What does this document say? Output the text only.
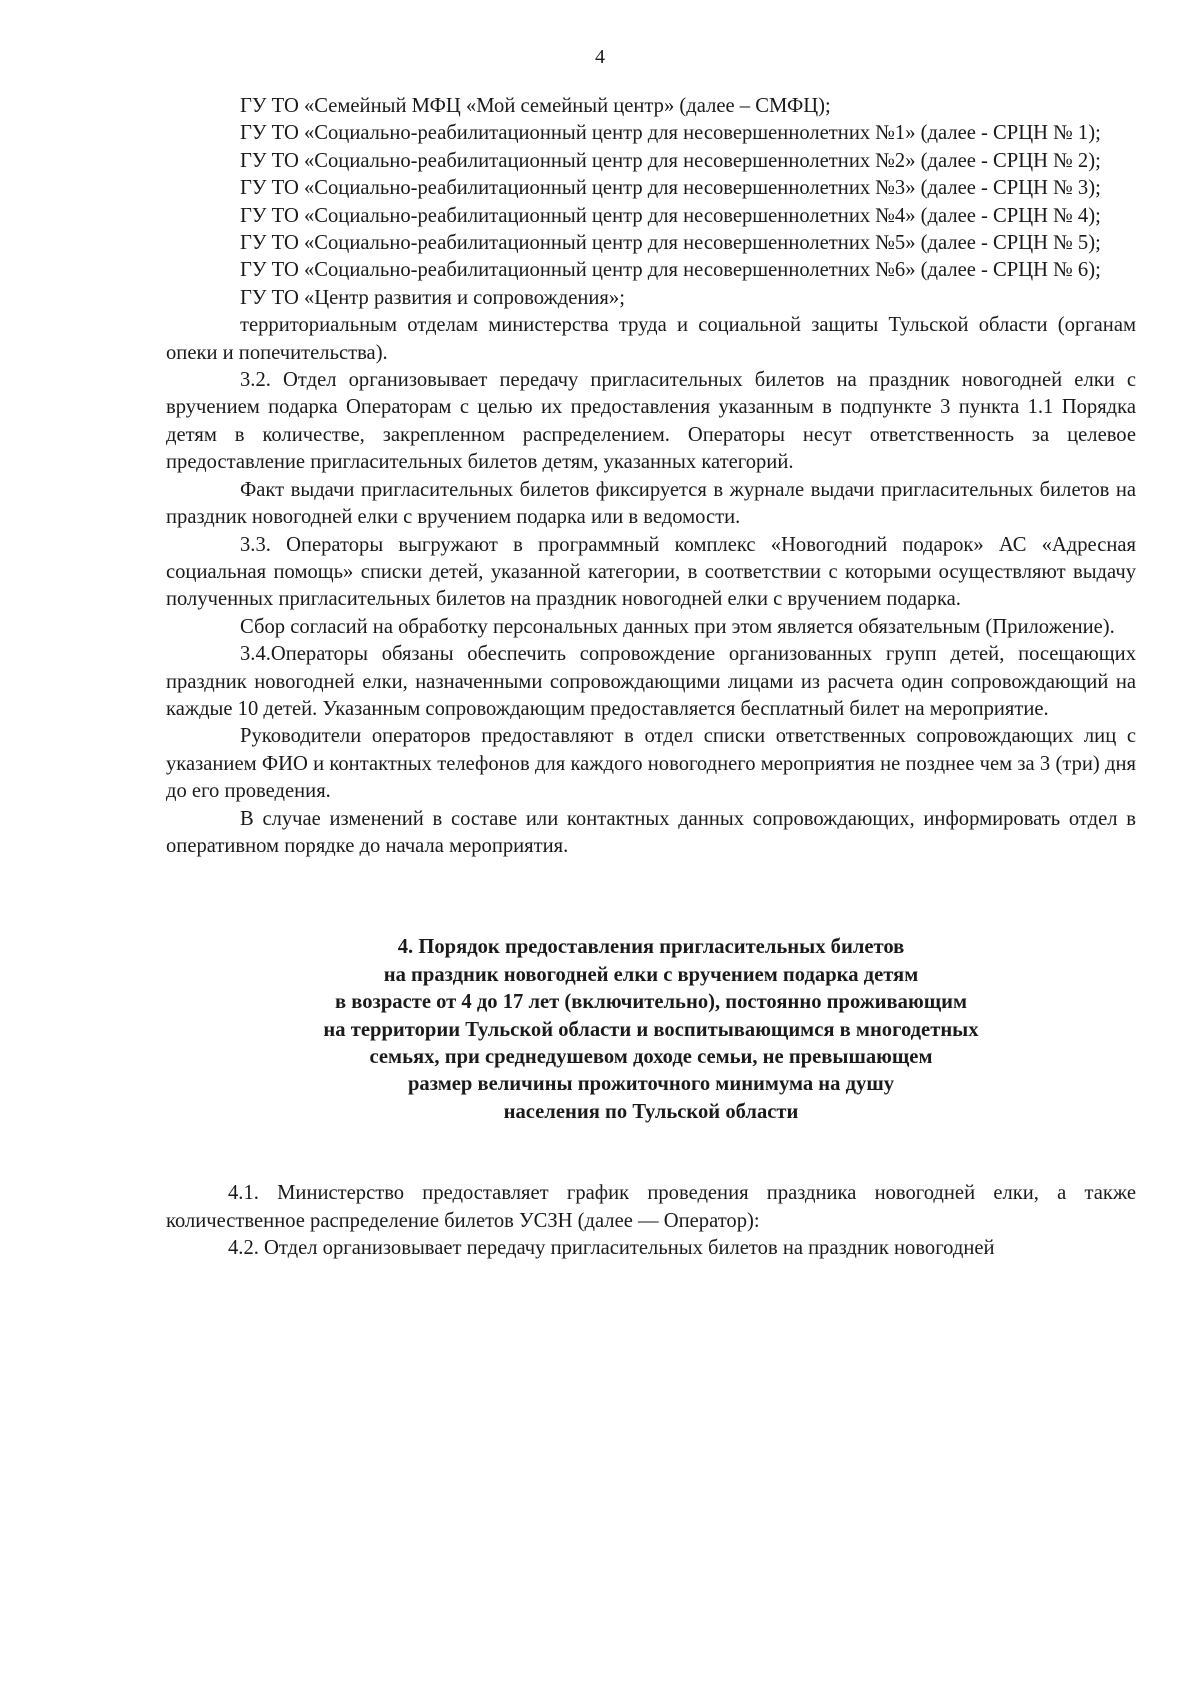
4

ГУ ТО «Семейный МФЦ «Мой семейный центр» (далее – СМФЦ);

ГУ ТО «Социально-реабилитационный центр для несовершеннолетних №1» (далее - СРЦН № 1);

ГУ ТО «Социально-реабилитационный центр для несовершеннолетних №2» (далее - СРЦН № 2);

ГУ ТО «Социально-реабилитационный центр для несовершеннолетних №3» (далее - СРЦН № 3);

ГУ ТО «Социально-реабилитационный центр для несовершеннолетних №4» (далее - СРЦН № 4);

ГУ ТО «Социально-реабилитационный центр для несовершеннолетних №5» (далее - СРЦН № 5);

ГУ ТО «Социально-реабилитационный центр для несовершеннолетних №6» (далее - СРЦН № 6);

ГУ ТО «Центр развития и сопровождения»;

территориальным отделам министерства труда и социальной защиты Тульской области (органам опеки и попечительства).

3.2. Отдел организовывает передачу пригласительных билетов на праздник новогодней елки с вручением подарка Операторам с целью их предоставления указанным в подпункте 3 пункта 1.1 Порядка детям в количестве, закрепленном распределением. Операторы несут ответственность за целевое предоставление пригласительных билетов детям, указанных категорий.

Факт выдачи пригласительных билетов фиксируется в журнале выдачи пригласительных билетов на праздник новогодней елки с вручением подарка или в ведомости.

3.3. Операторы выгружают в программный комплекс «Новогодний подарок» АС «Адресная социальная помощь» списки детей, указанной категории, в соответствии с которыми осуществляют выдачу полученных пригласительных билетов на праздник новогодней елки с вручением подарка.

Сбор согласий на обработку персональных данных при этом является обязательным (Приложение).

3.4.Операторы обязаны обеспечить сопровождение организованных групп детей, посещающих праздник новогодней елки, назначенными сопровождающими лицами из расчета один сопровождающий на каждые 10 детей. Указанным сопровождающим предоставляется бесплатный билет на мероприятие.

Руководители операторов предоставляют в отдел списки ответственных сопровождающих лиц с указанием ФИО и контактных телефонов для каждого новогоднего мероприятия не позднее чем за 3 (три) дня до его проведения.

В случае изменений в составе или контактных данных сопровождающих, информировать отдел в оперативном порядке до начала мероприятия.

4. Порядок предоставления пригласительных билетов
на праздник новогодней елки с вручением подарка детям
в возрасте от 4 до 17 лет (включительно), постоянно проживающим
на территории Тульской области и воспитывающимся в многодетных
семьях, при среднедушевом доходе семьи, не превышающем
размер величины прожиточного минимума на душу
населения по Тульской области

4.1. Министерство предоставляет график проведения праздника новогодней елки, а также количественное распределение билетов УСЗН (далее — Оператор):

4.2. Отдел организовывает передачу пригласительных билетов на праздник новогодней
